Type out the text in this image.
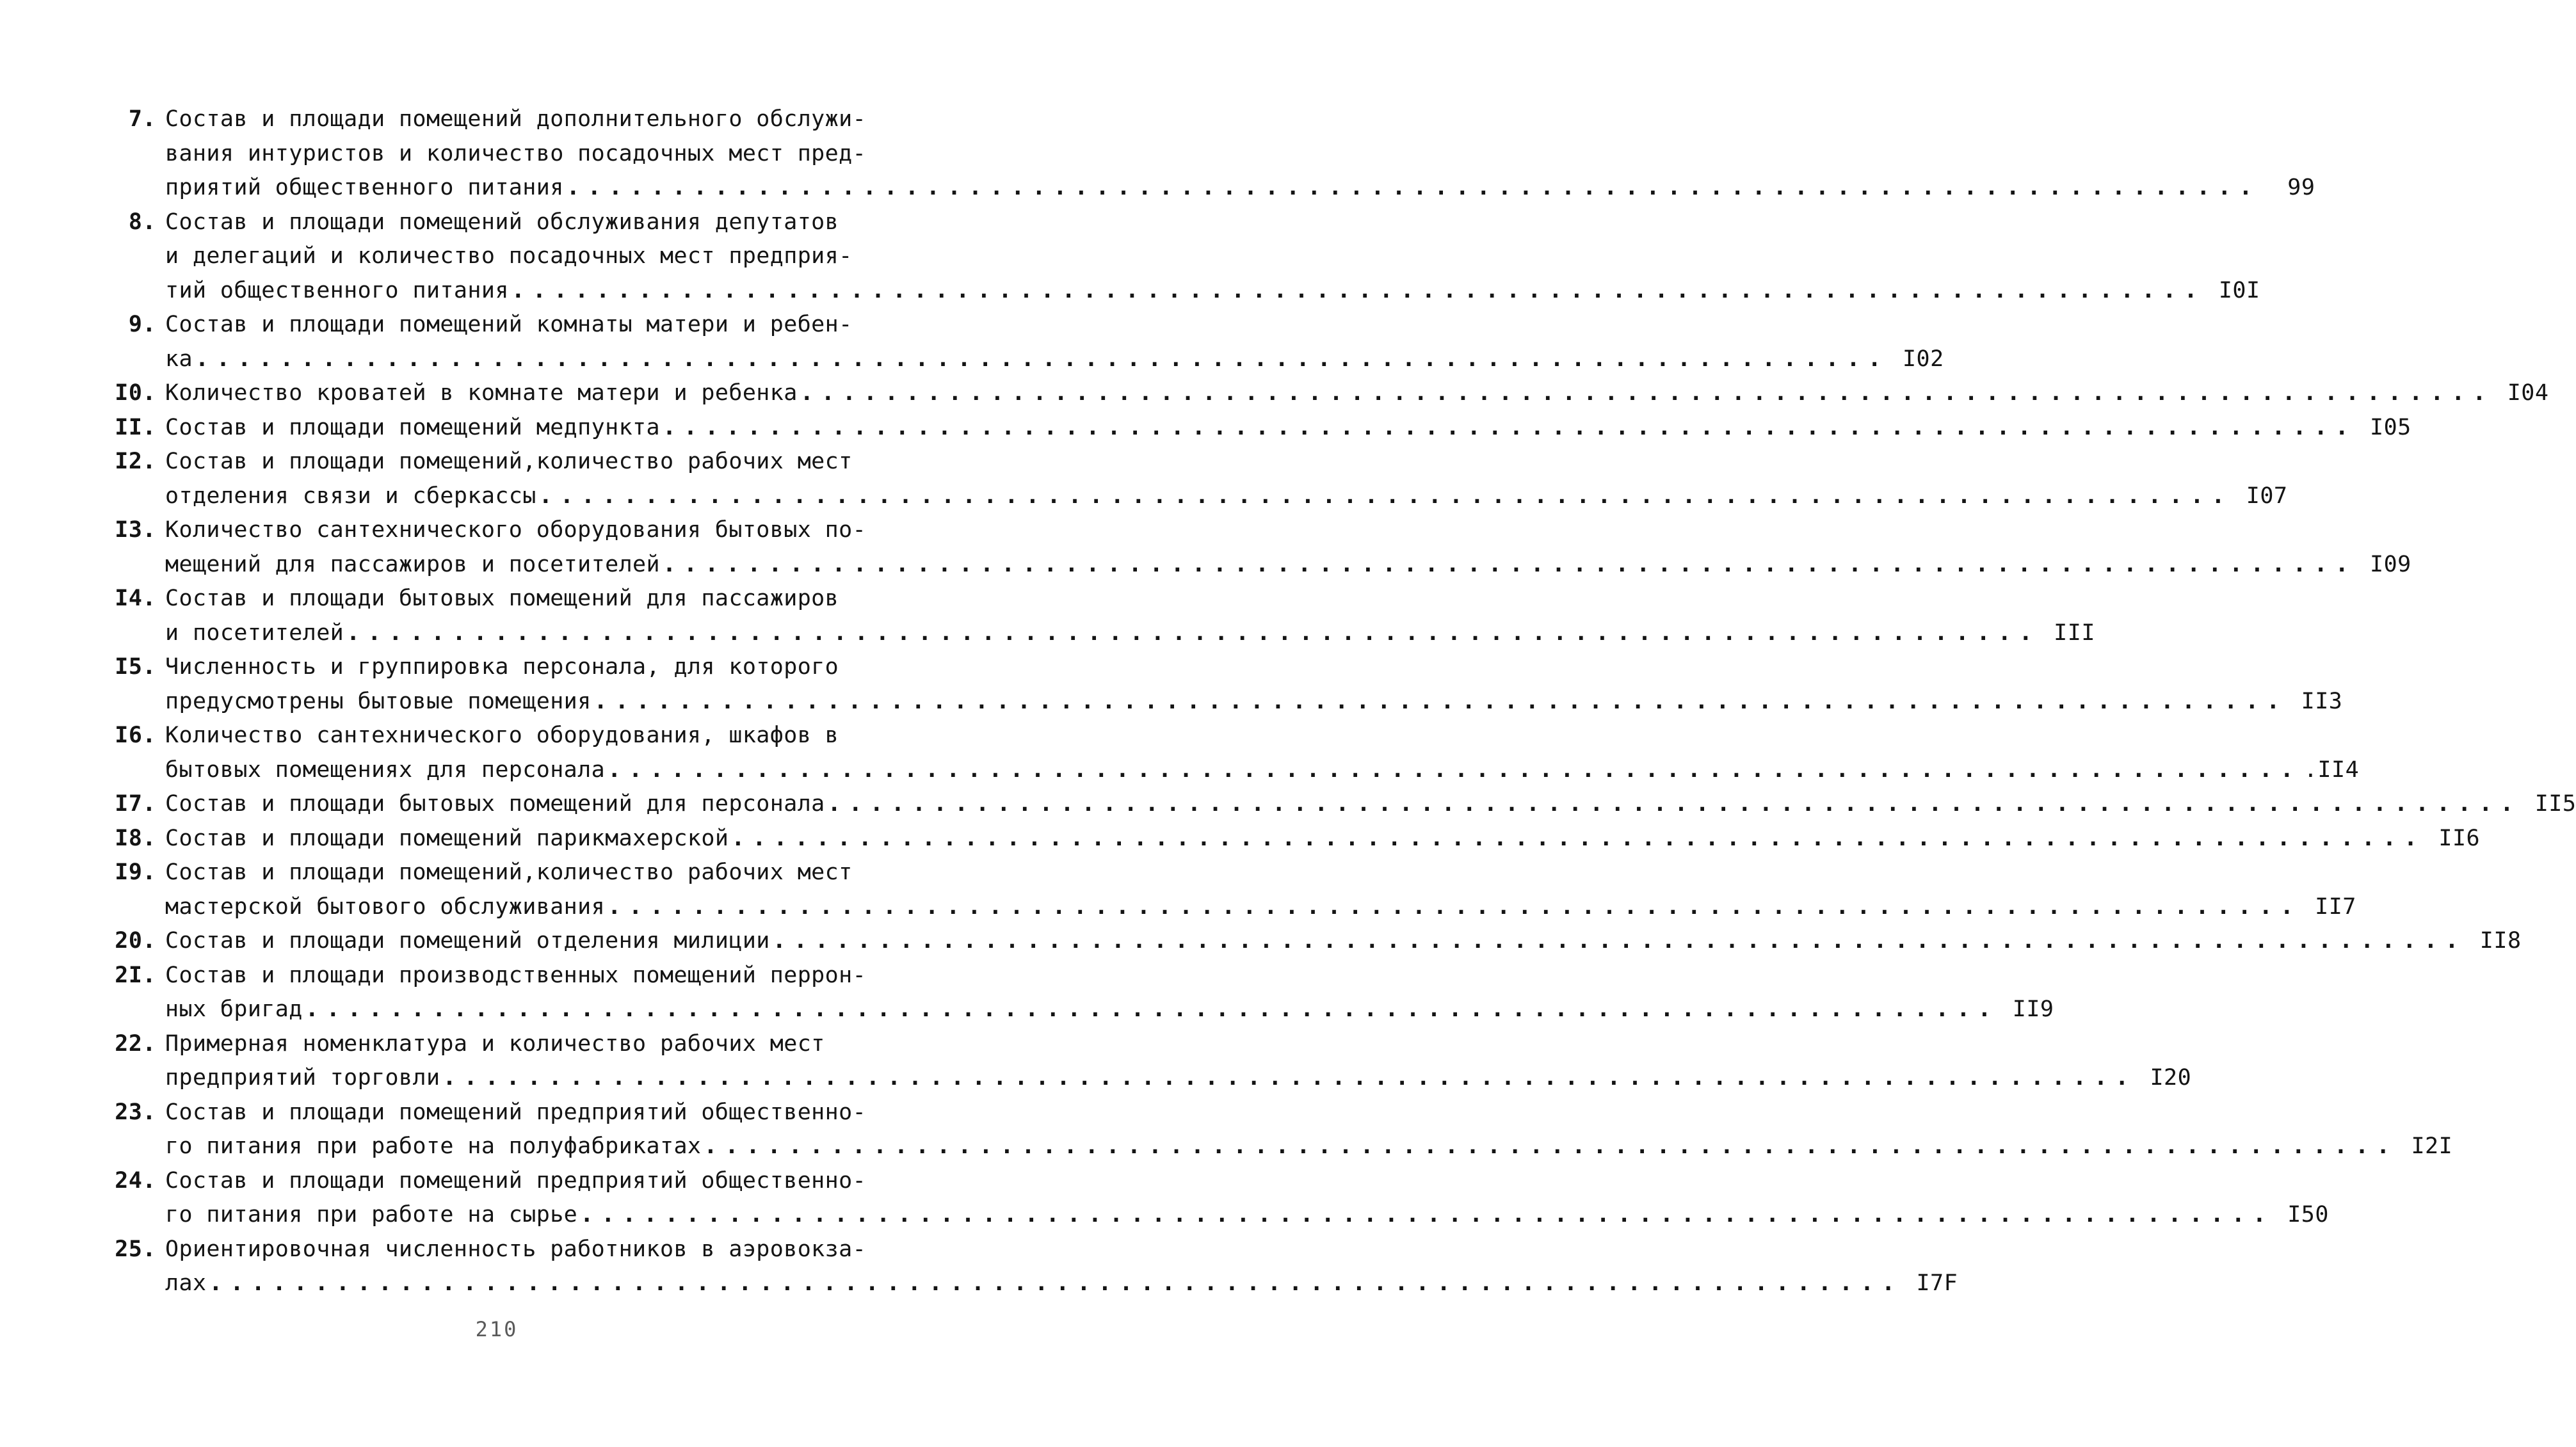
7. Состав и площади помещений дополнительного обслужи-
вания интуристов и количество посадочных мест пред-
приятий общественного питания ................................................................................	99
8. Состав и площади помещений обслуживания депутатов
и делегаций и количество посадочных мест предприя-
тий общественного питания ................................................................................ I0I
9. Состав и площади помещений комнаты матери и ребен-
ка ................................................................................ I02
I0. Количество кроватей в комнате матери и ребенка ................................................................................ I04
II. Состав и площади помещений медпункта ................................................................................ I05
I2. Состав и площади помещений,количество рабочих мест
отделения связи и сберкассы ................................................................................ I07
I3. Количество сантехнического оборудования бытовых по-
мещений для пассажиров и посетителей ................................................................................ I09
I4. Состав и площади бытовых помещений для пассажиров
и посетителей ................................................................................ III
I5. Численность и группировка персонала, для которого
предусмотрены бытовые помещения ................................................................................ II3
I6. Количество сантехнического оборудования, шкафов в
бытовых помещениях для персонала ................................................................................ .II4
I7. Состав и площади бытовых помещений для персонала ................................................................................ II5
I8. Состав и площади помещений парикмахерской ................................................................................ II6
I9. Состав и площади помещений,количество рабочих мест
мастерской бытового обслуживания ................................................................................ II7
20. Состав и площади помещений отделения милиции ................................................................................ II8
2I. Состав и площади производственных помещений перрон-
ных бригад ................................................................................ II9
22. Примерная номенклатура и количество рабочих мест
предприятий торговли ................................................................................ I20
23. Состав и площади помещений предприятий общественно-
го питания при работе на полуфабрикатах ................................................................................ I2I
24. Состав и площади помещений предприятий общественно-
го питания при работе на сырье ................................................................................ I50
25. Ориентировочная численность работников в аэровокза-
лах ................................................................................ I7F
210
